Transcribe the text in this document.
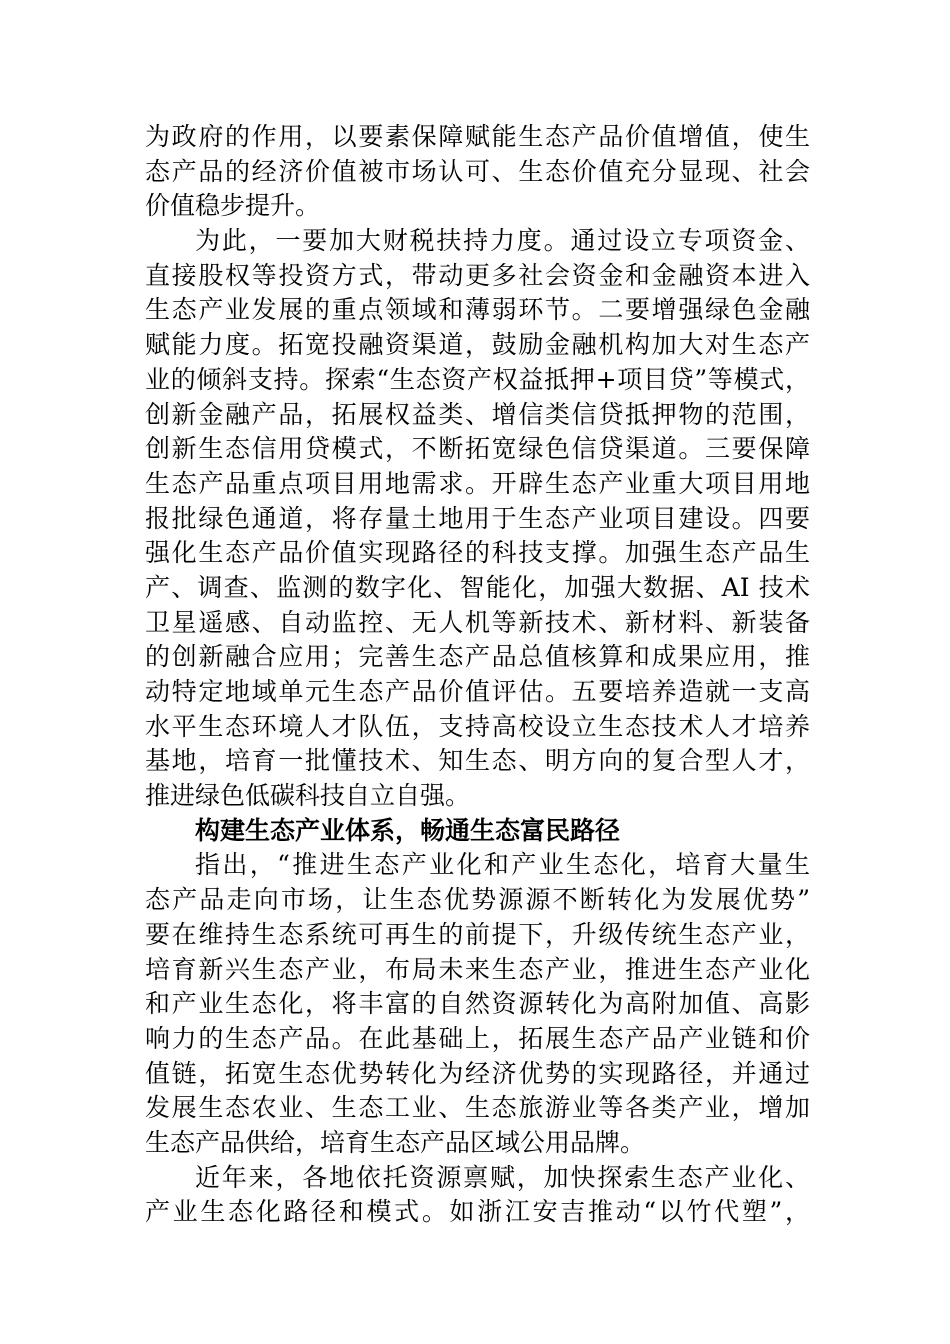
为政府的作用，以要素保障赋能生态产品价值增值，使生
态产品的经济价值被市场认可、生态价值充分显现、社会
价值稳步提升。
为此，一要加大财税扶持力度。通过设立专项资金、
直接股权等投资方式，带动更多社会资金和金融资本进入
生态产业发展的重点领域和薄弱环节。二要增强绿色金融
赋能力度。拓宽投融资渠道，鼓励金融机构加大对生态产
业的倾斜支持。探索“生态资产权益抵押+项目贷”等模式，
创新金融产品，拓展权益类、增信类信贷抵押物的范围，
创新生态信用贷模式，不断拓宽绿色信贷渠道。三要保障
生态产品重点项目用地需求。开辟生态产业重大项目用地
报批绿色通道，将存量土地用于生态产业项目建设。四要
强化生态产品价值实现路径的科技支撑。加强生态产品生
产、调查、监测的数字化、智能化，加强大数据、AI 技术
卫星遥感、自动监控、无人机等新技术、新材料、新装备
的创新融合应用；完善生态产品总值核算和成果应用，推
动特定地域单元生态产品价值评估。五要培养造就一支高
水平生态环境人才队伍，支持高校设立生态技术人才培养
基地，培育一批懂技术、知生态、明方向的复合型人才，
推进绿色低碳科技自立自强。
构建生态产业体系，畅通生态富民路径
指出，“推进生态产业化和产业生态化，培育大量生
态产品走向市场，让生态优势源源不断转化为发展优势”
要在维持生态系统可再生的前提下，升级传统生态产业，
培育新兴生态产业，布局未来生态产业，推进生态产业化
和产业生态化，将丰富的自然资源转化为高附加值、高影
响力的生态产品。在此基础上，拓展生态产品产业链和价
值链，拓宽生态优势转化为经济优势的实现路径，并通过
发展生态农业、生态工业、生态旅游业等各类产业，增加
生态产品供给，培育生态产品区域公用品牌。
近年来，各地依托资源禀赋，加快探索生态产业化、
产业生态化路径和模式。如浙江安吉推动“以竹代塑”，
